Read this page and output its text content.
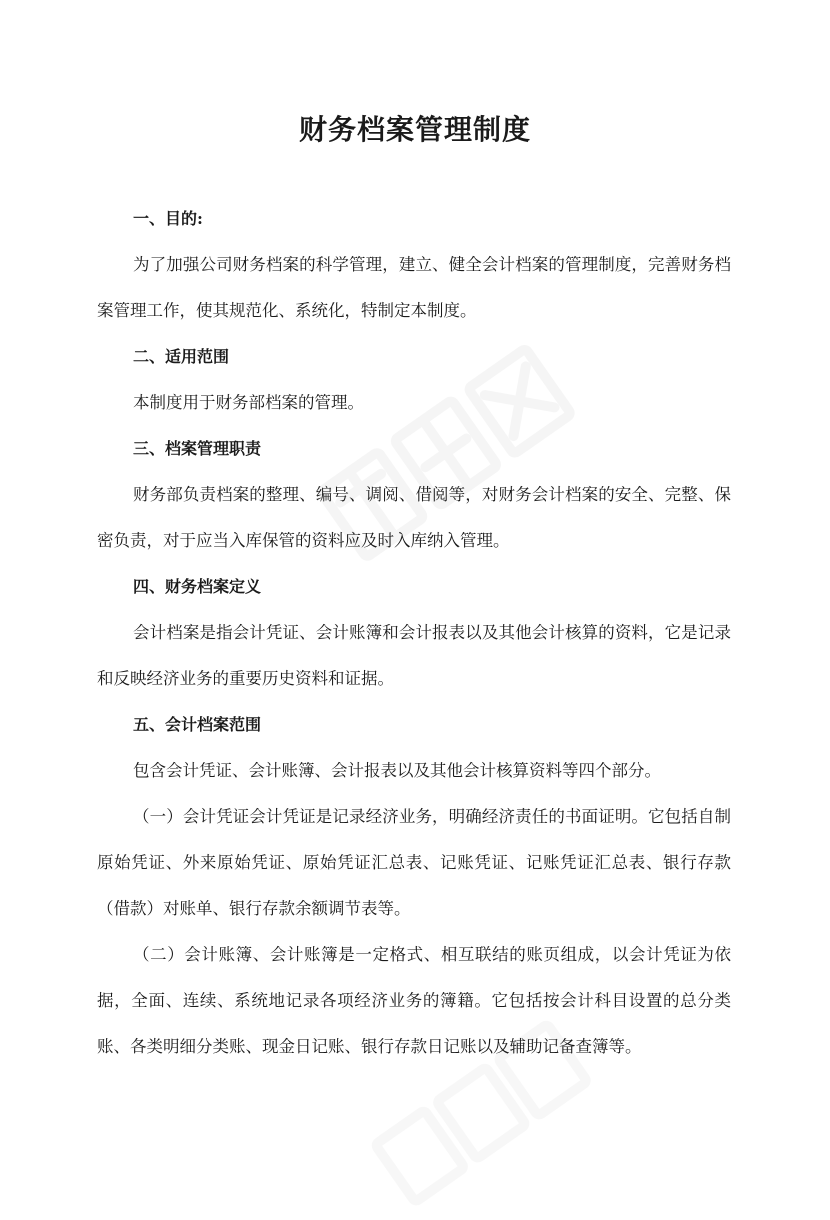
财务档案管理制度

一、目的:

为了加强公司财务档案的科学管理，建立、健全会计档案的管理制度，完善财务档案管理工作，使其规范化、系统化，特制定本制度。

二、适用范围

本制度用于财务部档案的管理。

三、档案管理职责

财务部负责档案的整理、编号、调阅、借阅等，对财务会计档案的安全、完整、保密负责，对于应当入库保管的资料应及时入库纳入管理。

四、财务档案定义

会计档案是指会计凭证、会计账簿和会计报表以及其他会计核算的资料，它是记录和反映经济业务的重要历史资料和证据。

五、会计档案范围

包含会计凭证、会计账簿、会计报表以及其他会计核算资料等四个部分。

（一）会计凭证会计凭证是记录经济业务，明确经济责任的书面证明。它包括自制原始凭证、外来原始凭证、原始凭证汇总表、记账凭证、记账凭证汇总表、银行存款（借款）对账单、银行存款余额调节表等。

（二）会计账簿、会计账簿是一定格式、相互联结的账页组成，以会计凭证为依据，全面、连续、系统地记录各项经济业务的簿籍。它包括按会计科目设置的总分类账、各类明细分类账、现金日记账、银行存款日记账以及辅助记备查簿等。
